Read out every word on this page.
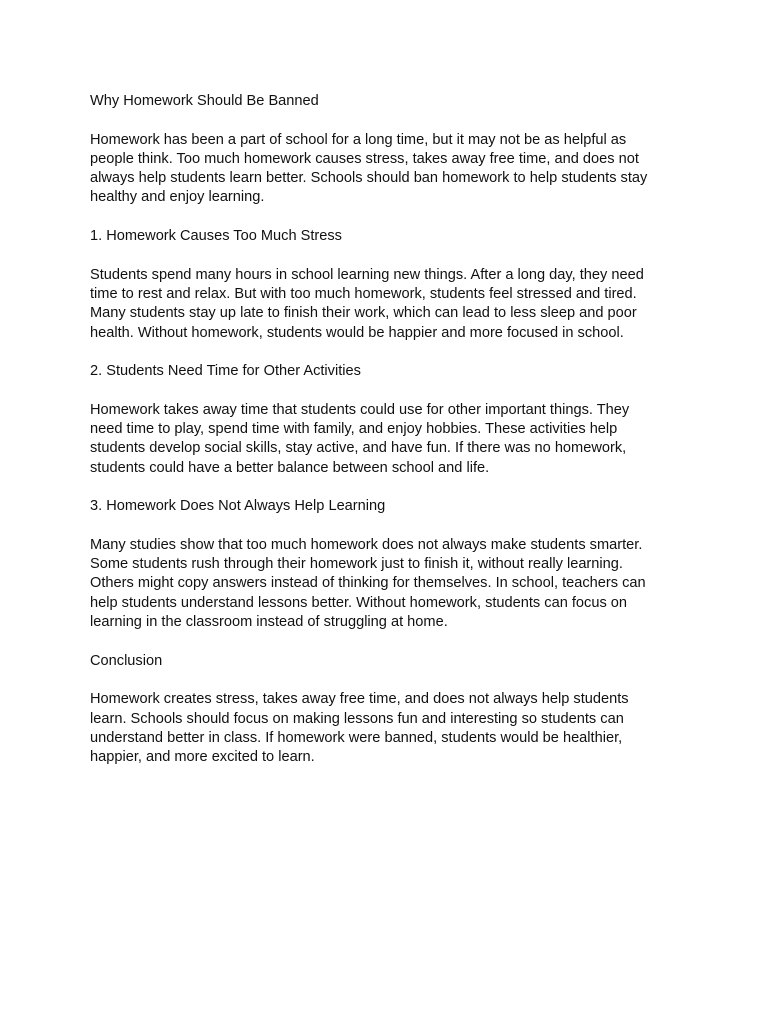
Why Homework Should Be Banned
Homework has been a part of school for a long time, but it may not be as helpful as
people think. Too much homework causes stress, takes away free time, and does not
always help students learn better. Schools should ban homework to help students stay
healthy and enjoy learning.
1. Homework Causes Too Much Stress
Students spend many hours in school learning new things. After a long day, they need
time to rest and relax. But with too much homework, students feel stressed and tired.
Many students stay up late to finish their work, which can lead to less sleep and poor
health. Without homework, students would be happier and more focused in school.
2. Students Need Time for Other Activities
Homework takes away time that students could use for other important things. They
need time to play, spend time with family, and enjoy hobbies. These activities help
students develop social skills, stay active, and have fun. If there was no homework,
students could have a better balance between school and life.
3. Homework Does Not Always Help Learning
Many studies show that too much homework does not always make students smarter.
Some students rush through their homework just to finish it, without really learning.
Others might copy answers instead of thinking for themselves. In school, teachers can
help students understand lessons better. Without homework, students can focus on
learning in the classroom instead of struggling at home.
Conclusion
Homework creates stress, takes away free time, and does not always help students
learn. Schools should focus on making lessons fun and interesting so students can
understand better in class. If homework were banned, students would be healthier,
happier, and more excited to learn.
